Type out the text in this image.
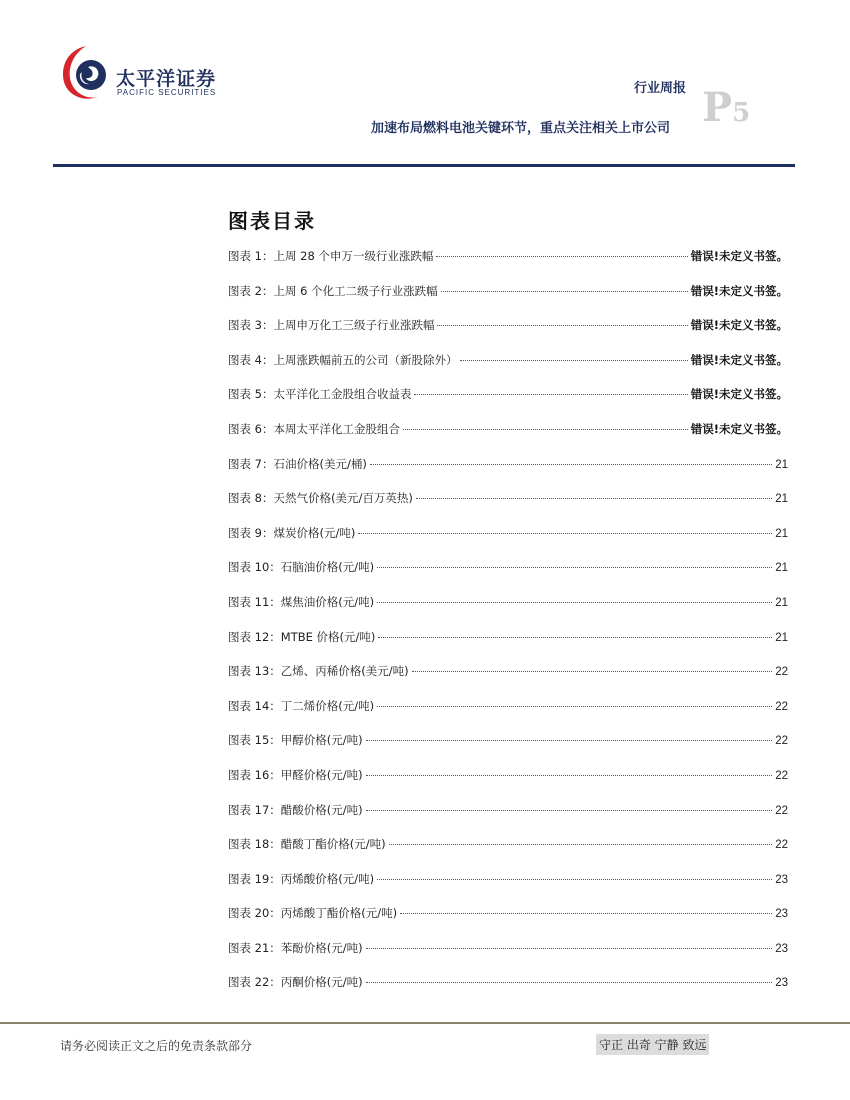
太平洋证券
PACIFIC SECURITIES	行业周报 P5
加速布局燃料电池关键环节，重点关注相关上市公司
图表目录
图表 1：上周 28 个申万一级行业涨跌幅	错误!未定义书签。
图表 2：上周 6 个化工二级子行业涨跌幅	错误!未定义书签。
图表 3：上周申万化工三级子行业涨跌幅	错误!未定义书签。
图表 4：上周涨跌幅前五的公司（新股除外）	错误!未定义书签。
图表 5：太平洋化工金股组合收益表	错误!未定义书签。
图表 6：本周太平洋化工金股组合	错误!未定义书签。
图表 7：石油价格(美元/桶)	21
图表 8：天然气价格(美元/百万英热)	21
图表 9：煤炭价格(元/吨)	21
图表 10：石脑油价格(元/吨)	21
图表 11：煤焦油价格(元/吨)	21
图表 12：MTBE 价格(元/吨)	21
图表 13：乙烯、丙稀价格(美元/吨)	22
图表 14：丁二烯价格(元/吨)	22
图表 15：甲醇价格(元/吨)	22
图表 16：甲醛价格(元/吨)	22
图表 17：醋酸价格(元/吨)	22
图表 18：醋酸丁酯价格(元/吨)	22
图表 19：丙烯酸价格(元/吨)	23
图表 20：丙烯酸丁酯价格(元/吨)	23
图表 21：苯酚价格(元/吨)	23
图表 22：丙酮价格(元/吨)	23
请务必阅读正文之后的免责条款部分	守正 出奇 宁静 致远
